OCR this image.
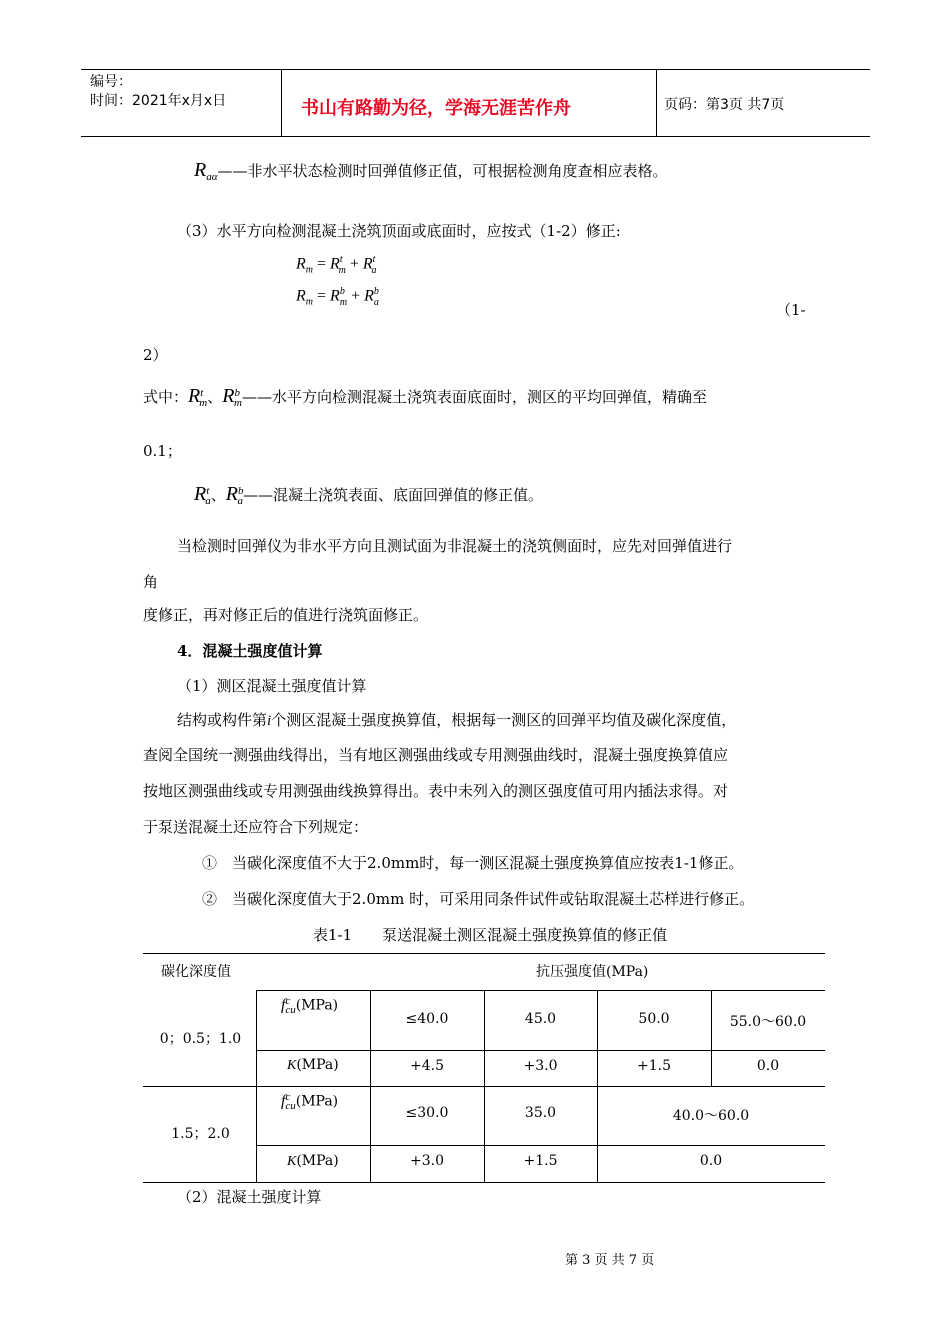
编号：
时间：2021年x月x日	书山有路勤为径，学海无涯苦作舟	页码：第3页 共7页
$R_{a\alpha}——$非水平状态检测时回弹值修正值，可根据检测角度查相应表格。
（3）水平方向检测混凝土浇筑顶面或底面时，应按式（1-2）修正:
$R_m = R^t_m + R^t_a$
$R_m = R^b_m + R^b_a$	（1-
2）
式中：$R^t_m$、$R^b_m——$水平方向检测混凝土浇筑表面底面时，测区的平均回弹值，精确至
0.1；
$R^t_a$、$R^b_a——$混凝土浇筑表面、底面回弹值的修正值。
当检测时回弹仪为非水平方向且测试面为非混凝土的浇筑侧面时，应先对回弹值进行
角
度修正，再对修正后的值进行浇筑面修正。
4．混凝土强度值计算
（1）测区混凝土强度值计算
结构或构件第i个测区混凝土强度换算值，根据每一测区的回弹平均值及碳化深度值，
查阅全国统一测强曲线得出，当有地区测强曲线或专用测强曲线时，混凝土强度换算值应
按地区测强曲线或专用测强曲线换算得出。表中未列入的测区强度值可用内插法求得。对
于泵送混凝土还应符合下列规定：
①　当碳化深度值不大于2.0mm时，每一测区混凝土强度换算值应按表1-1修正。
②　当碳化深度值大于2.0mm 时，可采用同条件试件或钻取混凝土芯样进行修正。
表1-1　　泵送混凝土测区混凝土强度换算值的修正值
碳化深度值	抗压强度值(MPa)
0；0.5；1.0
$f^c_{cu}(MPa)$
≤40.0	45.0	50.0	55.0～60.0
K(MPa)	+4.5	+3.0	+1.5	0.0
1.5；2.0
$f^c_{cu}(MPa)$
≤30.0	35.0	40.0～60.0
K(MPa)	+3.0	+1.5	0.0
（2）混凝土强度计算
第 3 页 共 7 页
